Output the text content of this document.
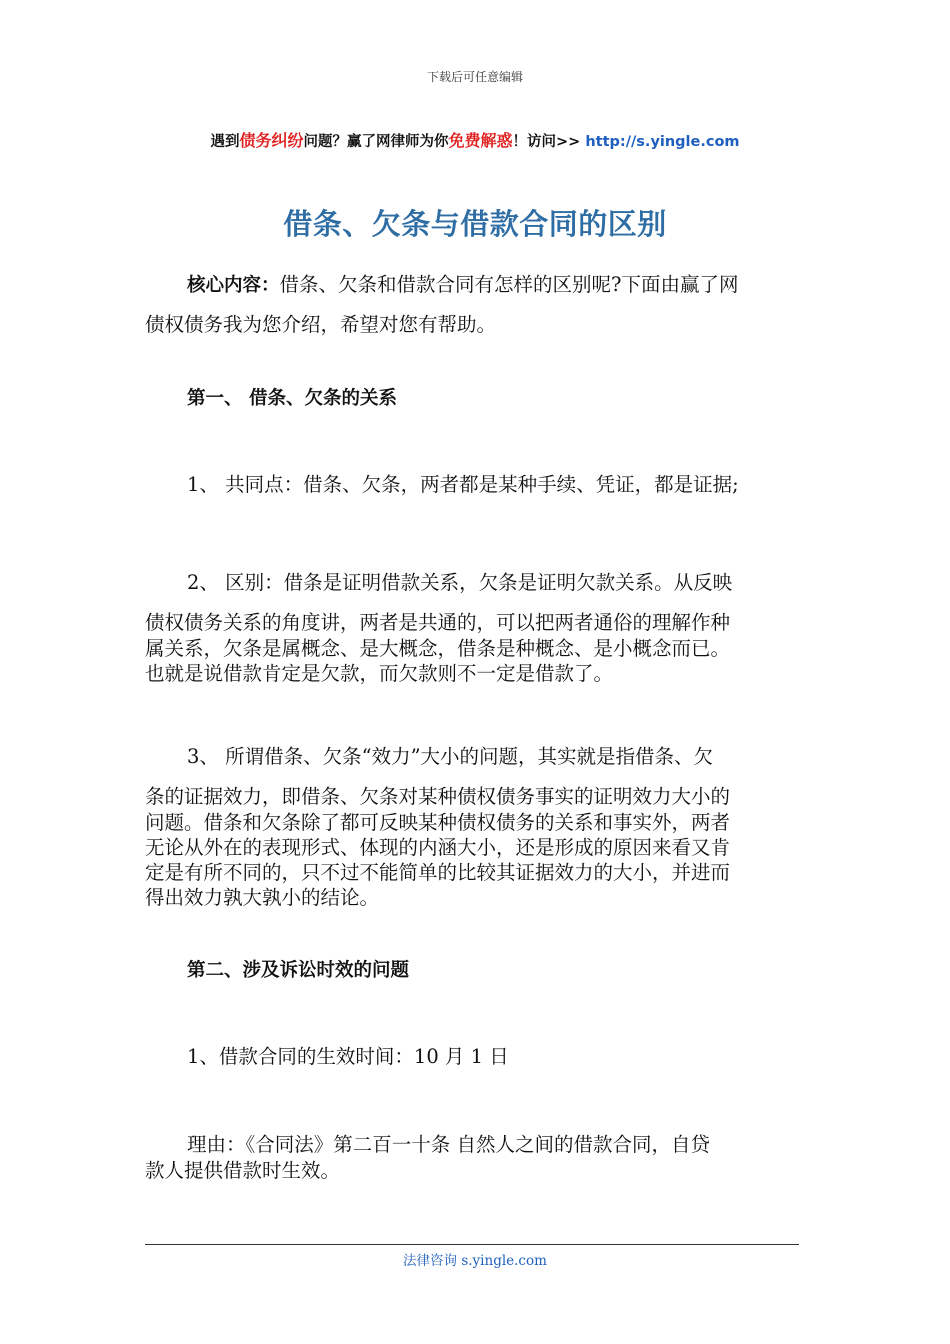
下载后可任意编辑
遇到债务纠纷问题？赢了网律师为你免费解惑！访问>> http://s.yingle.com
借条、欠条与借款合同的区别
核心内容：借条、欠条和借款合同有怎样的区别呢?下面由赢了网
债权债务我为您介绍，希望对您有帮助。
第一、 借条、欠条的关系
1、 共同点：借条、欠条，两者都是某种手续、凭证，都是证据;
2、 区别：借条是证明借款关系，欠条是证明欠款关系。从反映
债权债务关系的角度讲，两者是共通的，可以把两者通俗的理解作种
属关系，欠条是属概念、是大概念，借条是种概念、是小概念而已。
也就是说借款肯定是欠款，而欠款则不一定是借款了。
3、 所谓借条、欠条“效力”大小的问题，其实就是指借条、欠
条的证据效力，即借条、欠条对某种债权债务事实的证明效力大小的
问题。借条和欠条除了都可反映某种债权债务的关系和事实外，两者
无论从外在的表现形式、体现的内涵大小，还是形成的原因来看又肯
定是有所不同的，只不过不能简单的比较其证据效力的大小，并进而
得出效力孰大孰小的结论。
第二、涉及诉讼时效的问题
1、借款合同的生效时间：10 月 1 日
理由：《合同法》第二百一十条 自然人之间的借款合同，自贷
款人提供借款时生效。
法律咨询 s.yingle.com
